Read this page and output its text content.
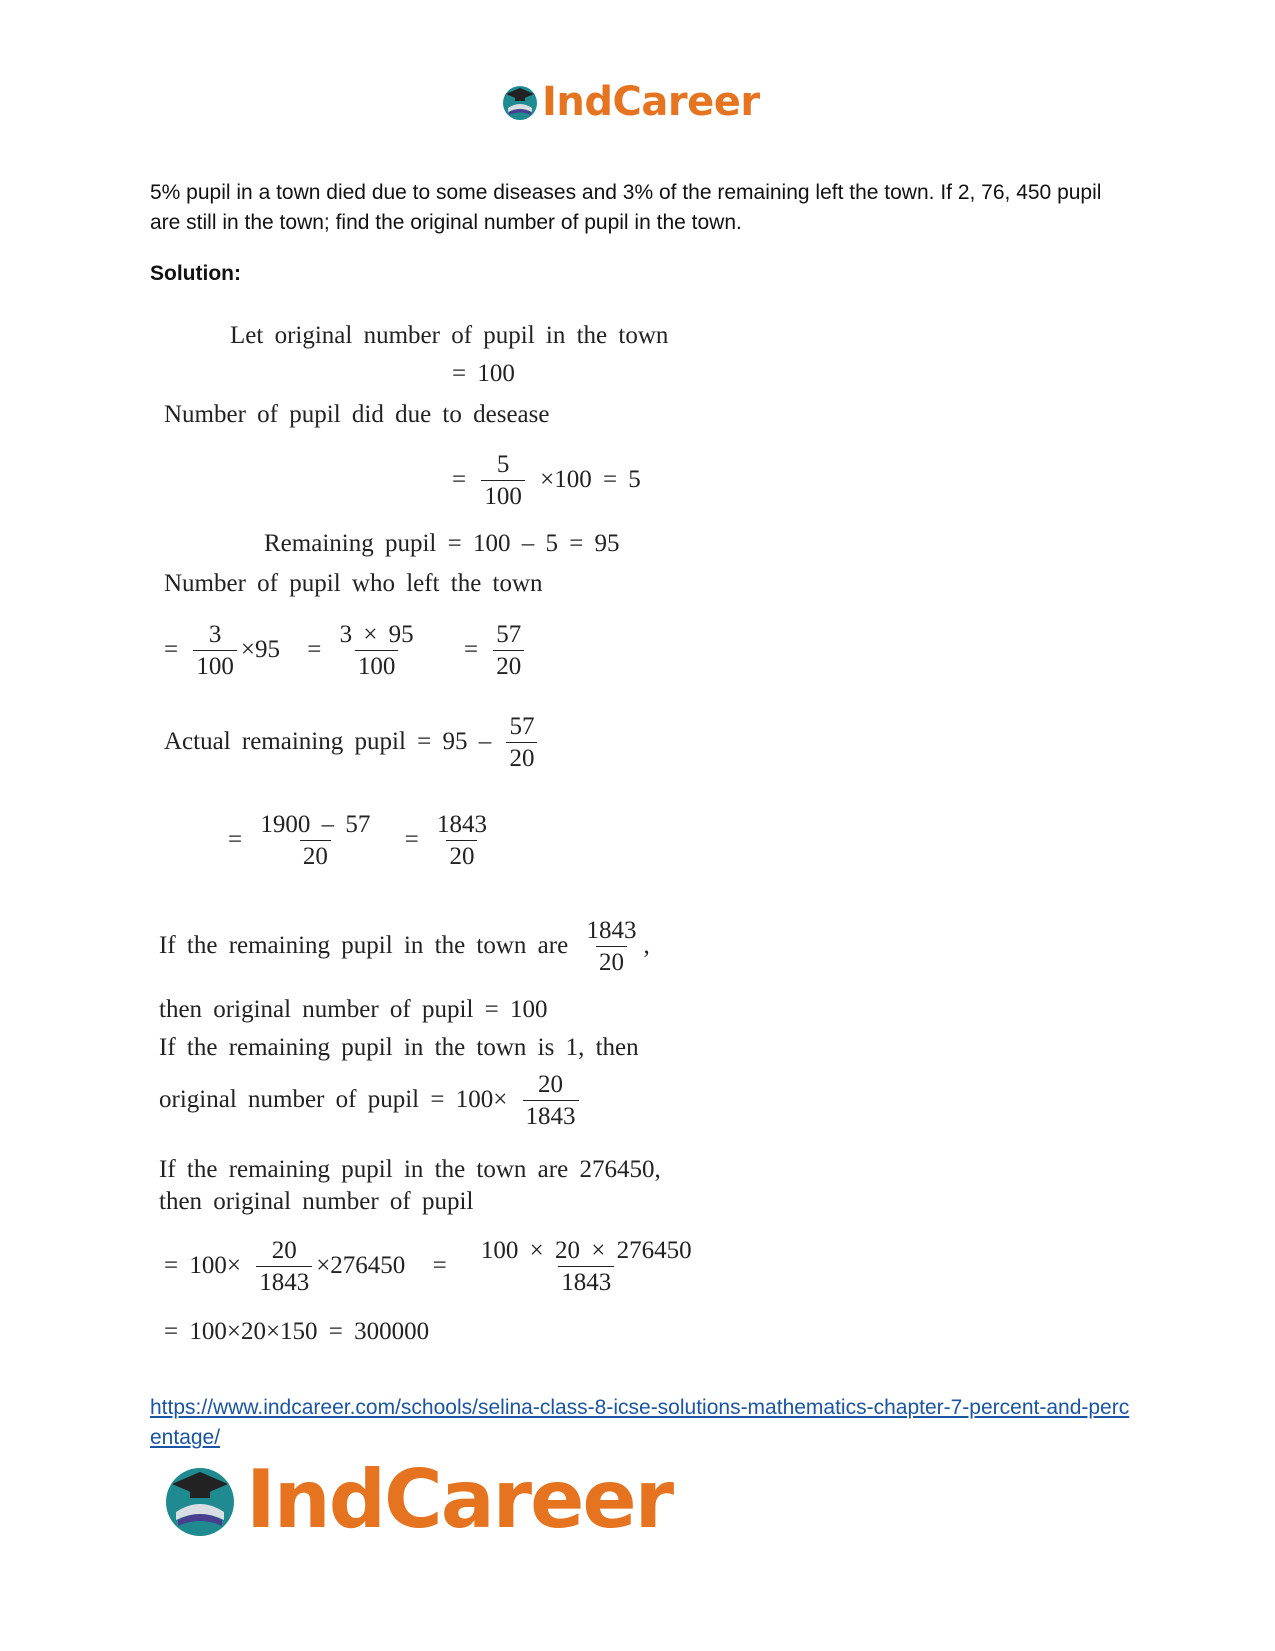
IndCareer
5% pupil in a town died due to some diseases and 3% of the remaining left the town. If 2, 76, 450 pupil are still in the town; find the original number of pupil in the town.
Solution:
Let original number of pupil in the town
= 100
Number of pupil did due to desease
= $\frac{5}{100} \times 100 = 5$
Remaining pupil = 100 – 5 = 95
Number of pupil who left the town
= $\frac{3}{100} \times 95 = \frac{3 \times 95}{100} = \frac{57}{20}$
Actual remaining pupil = $95 - \frac{57}{20}$
= $\frac{1900 - 57}{20} = \frac{1843}{20}$
If the remaining pupil in the town are $\frac{1843}{20}$ ,
then original number of pupil = 100
If the remaining pupil in the town is 1, then
original number of pupil = $100\times \frac{20}{1843}$
If the remaining pupil in the town are 276450,
then original number of pupil
= $100\times \frac{20}{1843} \times 276450 = \frac{100 \times 20 \times 276450}{1843}$
= 100×20×150 = 300000
https://www.indcareer.com/schools/selina-class-8-icse-solutions-mathematics-chapter-7-percent-and-percentage/
IndCareer
